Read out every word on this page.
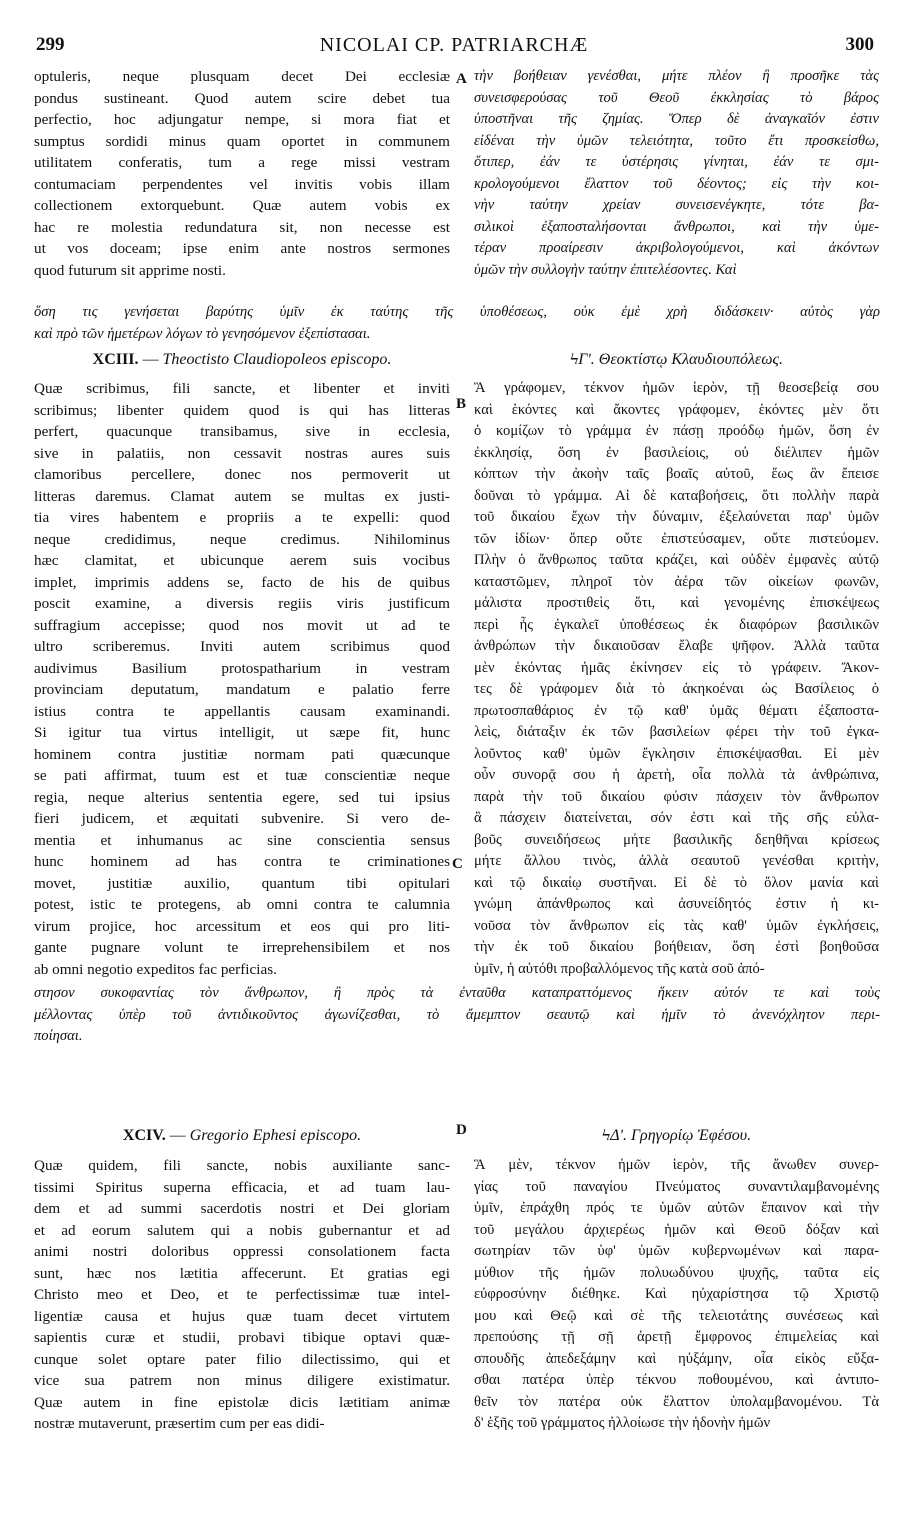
299	NICOLAI CP. PATRIARCHÆ	300
A
B
C
D
optuleris, neque plusquam decet Dei ecclesiæ
pondus sustineant. Quod autem scire debet tua
perfectio, hoc adjungatur nempe, si mora fiat et
sumptus sordidi minus quam oportet in communem
utilitatem conferatis, tum a rege missi vestram
contumaciam perpendentes vel invitis vobis illam
collectionem extorquebunt. Quæ autem vobis ex
hac re molestia redundatura sit, non necesse est
ut vos doceam; ipse enim ante nostros sermones
quod futurum sit apprime nosti.
τὴν βοήθειαν γενέσθαι, μήτε πλέον ἢ προσῆκε τὰς
συνεισφερούσας τοῦ Θεοῦ ἐκκλησίας τὸ βάρος
ὑποστῆναι τῆς ζημίας. Ὅπερ δὲ ἀναγκαῖόν ἐστιν
εἰδέναι τὴν ὑμῶν τελειότητα, τοῦτο ἔτι προσκείσθω,
ὅτιπερ, ἐάν τε ὑστέρησις γίνηται, ἐάν τε σμι-
κρολογούμενοι ἔλαττον τοῦ δέοντος; εἰς τὴν κοι-
νὴν ταύτην χρείαν συνεισενέγκητε, τότε βα-
σιλικοὶ ἐξαποσταλήσονται ἄνθρωποι, καὶ τὴν ὑμε-
τέραν προαίρεσιν ἀκριβολογούμενοι, καὶ ἀκόντων
ὑμῶν τὴν συλλογὴν ταύτην ἐπιτελέσοντες. Καὶ
ὅση τις γενήσεται βαρύτης ὑμῖν ἐκ ταύτης τῆς ὑποθέσεως, οὐκ ἐμὲ χρὴ διδάσκειν· αὐτὸς γὰρ
καὶ πρὸ τῶν ἡμετέρων λόγων τὸ γενησόμενον ἐξεπίστασαι.
XCIII. — Theoctisto Claudiopoleos episcopo.	ϞΓʹ. Θεοκτίστῳ Κλαυδιουπόλεως.
Quæ scribimus, fili sancte, et libenter et inviti
scribimus; libenter quidem quod is qui has litteras
perfert, quacunque transibamus, sive in ecclesia,
sive in palatiis, non cessavit nostras aures suis
clamoribus percellere, donec nos permoverit ut
litteras daremus. Clamat autem se multas ex justi-
tia vires habentem e propriis a te expelli: quod
neque credidimus, neque credimus. Nihilominus
hæc clamitat, et ubicunque aerem suis vocibus
implet, imprimis addens se, facto de his de quibus
poscit examine, a diversis regiis viris justificum
suffragium accepisse; quod nos movit ut ad te
ultro scriberemus. Inviti autem scribimus quod
audivimus Basilium protospatharium in vestram
provinciam deputatum, mandatum e palatio ferre
istius contra te appellantis causam examinandi.
Si igitur tua virtus intelligit, ut sæpe fit, hunc
hominem contra justitiæ normam pati quæcunque
se pati affirmat, tuum est et tuæ conscientiæ neque
regia, neque alterius sententia egere, sed tui ipsius
fieri judicem, et æquitati subvenire. Si vero de-
mentia et inhumanus ac sine conscientia sensus
hunc hominem ad has contra te criminationes
movet, justitiæ auxilio, quantum tibi opitulari
potest, istic te protegens, ab omni contra te calumnia
virum projice, hoc arcessitum et eos qui pro liti-
gante pugnare volunt te irreprehensibilem et nos
ab omni negotio expeditos fac perficias.
Ἃ γράφομεν, τέκνον ἡμῶν ἱερὸν, τῇ θεοσεβείᾳ σου
καὶ ἑκόντες καὶ ἄκοντες γράφομεν, ἑκόντες μὲν ὅτι
ὁ κομίζων τὸ γράμμα ἐν πάσῃ προόδῳ ἡμῶν, ὅση ἐν
ἐκκλησίᾳ, ὅση ἐν βασιλείοις, οὐ διέλιπεν ἡμῶν
κόπτων τὴν ἀκοὴν ταῖς βοαῖς αὐτοῦ, ἕως ἂν ἔπεισε
δοῦναι τὸ γράμμα. Αἱ δὲ καταβοήσεις, ὅτι πολλὴν παρὰ
τοῦ δικαίου ἔχων τὴν δύναμιν, ἐξελαύνεται παρ' ὑμῶν
τῶν ἰδίων· ὅπερ οὔτε ἐπιστεύσαμεν, οὔτε πιστεύομεν.
Πλὴν ὁ ἄνθρωπος ταῦτα κράζει, καὶ οὐδὲν ἐμφανὲς αὐτῷ
καταστῶμεν, πληροῖ τὸν ἀέρα τῶν οἰκείων φωνῶν,
μάλιστα προστιθεὶς ὅτι, καὶ γενομένης ἐπισκέψεως
περὶ ἧς ἐγκαλεῖ ὑποθέσεως ἐκ διαφόρων βασιλικῶν
ἀνθρώπων τὴν δικαιοῦσαν ἔλαβε ψῆφον. Ἀλλὰ ταῦτα
μὲν ἑκόντας ἡμᾶς ἐκίνησεν εἰς τὸ γράφειν. Ἄκον-
τες δὲ γράφομεν διὰ τὸ ἀκηκοέναι ὡς Βασίλειος ὁ
πρωτοσπαθάριος ἐν τῷ καθ' ὑμᾶς θέματι ἐξαποστα-
λεὶς, διάταξιν ἐκ τῶν βασιλείων φέρει τὴν τοῦ ἐγκα-
λοῦντος καθ' ὑμῶν ἔγκλησιν ἐπισκέψασθαι. Εἰ μὲν
οὖν συνορᾷ σου ἡ ἀρετὴ, οἷα πολλὰ τὰ ἀνθρώπινα,
παρὰ τὴν τοῦ δικαίου φύσιν πάσχειν τὸν ἄνθρωπον
ἃ πάσχειν διατείνεται, σόν ἐστι καὶ τῆς σῆς εὐλα-
βοῦς συνειδήσεως μήτε βασιλικῆς δεηθῆναι κρίσεως
μήτε ἄλλου τινὸς, ἀλλὰ σεαυτοῦ γενέσθαι κριτὴν,
καὶ τῷ δικαίῳ συστῆναι. Εἰ δὲ τὸ ὅλον μανία καὶ
γνώμη ἀπάνθρωπος καὶ ἀσυνείδητός ἐστιν ἡ κι-
νοῦσα τὸν ἄνθρωπον εἰς τὰς καθ' ὑμῶν ἐγκλήσεις,
τὴν ἐκ τοῦ δικαίου βοήθειαν, ὅση ἐστὶ βοηθοῦσα
ὑμῖν, ἡ αὐτόθι προβαλλόμενος τῆς κατὰ σοῦ ἀπό-
στησον συκοφαντίας τὸν ἄνθρωπον, ἢ πρὸς τὰ ἐνταῦθα καταπραττόμενος ἥκειν αὐτόν τε καὶ τοὺς
μέλλοντας ὑπὲρ τοῦ ἀντιδικοῦντος ἀγωνίζεσθαι, τὸ ἄμεμπτον σεαυτῷ καὶ ἡμῖν τὸ ἀνενόχλητον περι-
ποίησαι.
XCIV. — Gregorio Ephesi episcopo.	ϞΔʹ. Γρηγορίῳ Ἐφέσου.
Quæ quidem, fili sancte, nobis auxiliante sanc-
tissimi Spiritus superna efficacia, et ad tuam lau-
dem et ad summi sacerdotis nostri et Dei gloriam
et ad eorum salutem qui a nobis gubernantur et ad
animi nostri doloribus oppressi consolationem facta
sunt, hæc nos lætitia affecerunt. Et gratias egi
Christo meo et Deo, et te perfectissimæ tuæ intel-
ligentiæ causa et hujus quæ tuam decet virtutem
sapientis curæ et studii, probavi tibique optavi quæ-
cunque solet optare pater filio dilectissimo, qui et
vice sua patrem non minus diligere existimatur.
Quæ autem in fine epistolæ dicis lætitiam animæ
nostræ mutaverunt, præsertim cum per eas didi-
Ἃ μὲν, τέκνον ἡμῶν ἱερὸν, τῆς ἄνωθεν συνερ-
γίας τοῦ παναγίου Πνεύματος συναντιλαμβανομένης
ὑμῖν, ἐπράχθη πρός τε ὑμῶν αὐτῶν ἔπαινον καὶ τὴν
τοῦ μεγάλου ἀρχιερέως ἡμῶν καὶ Θεοῦ δόξαν καὶ
σωτηρίαν τῶν ὑφ' ὑμῶν κυβερνωμένων καὶ παρα-
μύθιον τῆς ἡμῶν πολυωδύνου ψυχῆς, ταῦτα εἰς
εὐφροσύνην διέθηκε. Καὶ ηὐχαρίστησα τῷ Χριστῷ
μου καὶ Θεῷ καὶ σὲ τῆς τελειοτάτης συνέσεως καὶ
πρεπούσης τῇ σῇ ἀρετῇ ἔμφρονος ἐπιμελείας καὶ
σπουδῆς ἀπεδεξάμην καὶ ηὐξάμην, οἷα εἰκὸς εὔξα-
σθαι πατέρα ὑπὲρ τέκνου ποθουμένου, καὶ ἀντιπο-
θεῖν τὸν πατέρα οὐκ ἔλαττον ὑπολαμβανομένου. Τὰ
δ' ἑξῆς τοῦ γράμματος ἠλλοίωσε τὴν ἡδονὴν ἡμῶν
